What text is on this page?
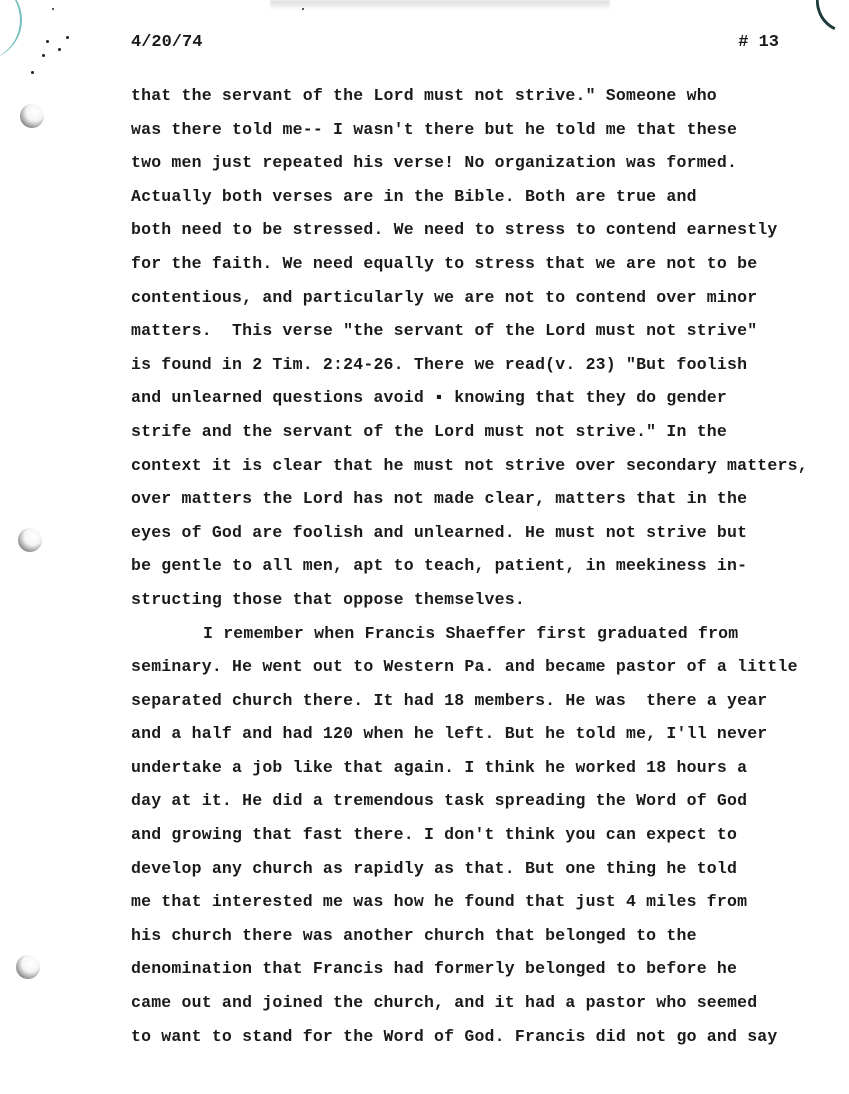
4/20/74	# 13
that the servant of the Lord must not strive." Someone who
was there told me-- I wasn't there but he told me that these
two men just repeated his verse! No organization was formed.
Actually both verses are in the Bible. Both are true and
both need to be stressed. We need to stress to contend earnestly
for the faith. We need equally to stress that we are not to be
contentious, and particularly we are not to contend over minor
matters.  This verse "the servant of the Lord must not strive"
is found in 2 Tim. 2:24-26. There we read(v. 23) "But foolish
and unlearned questions avoid ▪ knowing that they do gender
strife and the servant of the Lord must not strive." In the
context it is clear that he must not strive over secondary matters,
over matters the Lord has not made clear, matters that in the
eyes of God are foolish and unlearned. He must not strive but
be gentle to all men, apt to teach, patient, in meekiness in-
structing those that oppose themselves.
I remember when Francis Shaeffer first graduated from
seminary. He went out to Western Pa. and became pastor of a little
separated church there. It had 18 members. He was  there a year
and a half and had 120 when he left. But he told me, I'll never
undertake a job like that again. I think he worked 18 hours a
day at it. He did a tremendous task spreading the Word of God
and growing that fast there. I don't think you can expect to
develop any church as rapidly as that. But one thing he told
me that interested me was how he found that just 4 miles from
his church there was another church that belonged to the
denomination that Francis had formerly belonged to before he
came out and joined the church, and it had a pastor who seemed
to want to stand for the Word of God. Francis did not go and say
